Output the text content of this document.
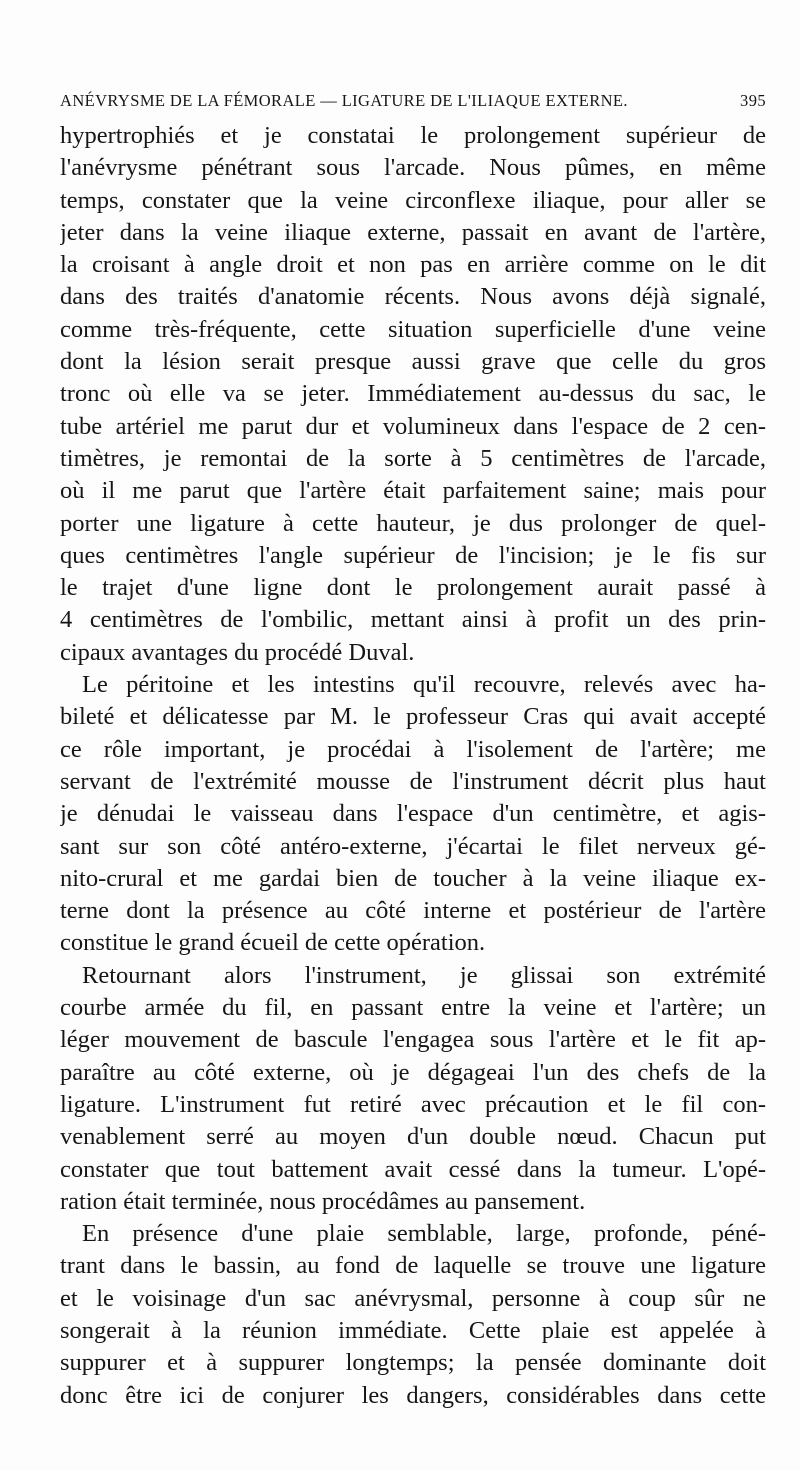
ANÉVRYSME DE LA FÉMORALE — LIGATURE DE L'ILIAQUE EXTERNE.	395
hypertrophiés et je constatai le prolongement supérieur de
l'anévrysme pénétrant sous l'arcade. Nous pûmes, en même
temps, constater que la veine circonflexe iliaque, pour aller se
jeter dans la veine iliaque externe, passait en avant de l'artère,
la croisant à angle droit et non pas en arrière comme on le dit
dans des traités d'anatomie récents. Nous avons déjà signalé,
comme très-fréquente, cette situation superficielle d'une veine
dont la lésion serait presque aussi grave que celle du gros
tronc où elle va se jeter. Immédiatement au-dessus du sac, le
tube artériel me parut dur et volumineux dans l'espace de 2 cen-
timètres, je remontai de la sorte à 5 centimètres de l'arcade,
où il me parut que l'artère était parfaitement saine; mais pour
porter une ligature à cette hauteur, je dus prolonger de quel-
ques centimètres l'angle supérieur de l'incision; je le fis sur
le trajet d'une ligne dont le prolongement aurait passé à
4 centimètres de l'ombilic, mettant ainsi à profit un des prin-
cipaux avantages du procédé Duval.
Le péritoine et les intestins qu'il recouvre, relevés avec ha-
bileté et délicatesse par M. le professeur Cras qui avait accepté
ce rôle important, je procédai à l'isolement de l'artère; me
servant de l'extrémité mousse de l'instrument décrit plus haut
je dénudai le vaisseau dans l'espace d'un centimètre, et agis-
sant sur son côté antéro-externe, j'écartai le filet nerveux gé-
nito-crural et me gardai bien de toucher à la veine iliaque ex-
terne dont la présence au côté interne et postérieur de l'artère
constitue le grand écueil de cette opération.
Retournant alors l'instrument, je glissai son extrémité
courbe armée du fil, en passant entre la veine et l'artère; un
léger mouvement de bascule l'engagea sous l'artère et le fit ap-
paraître au côté externe, où je dégageai l'un des chefs de la
ligature. L'instrument fut retiré avec précaution et le fil con-
venablement serré au moyen d'un double nœud. Chacun put
constater que tout battement avait cessé dans la tumeur. L'opé-
ration était terminée, nous procédâmes au pansement.
En présence d'une plaie semblable, large, profonde, péné-
trant dans le bassin, au fond de laquelle se trouve une ligature
et le voisinage d'un sac anévrysmal, personne à coup sûr ne
songerait à la réunion immédiate. Cette plaie est appelée à
suppurer et à suppurer longtemps; la pensée dominante doit
donc être ici de conjurer les dangers, considérables dans cette
